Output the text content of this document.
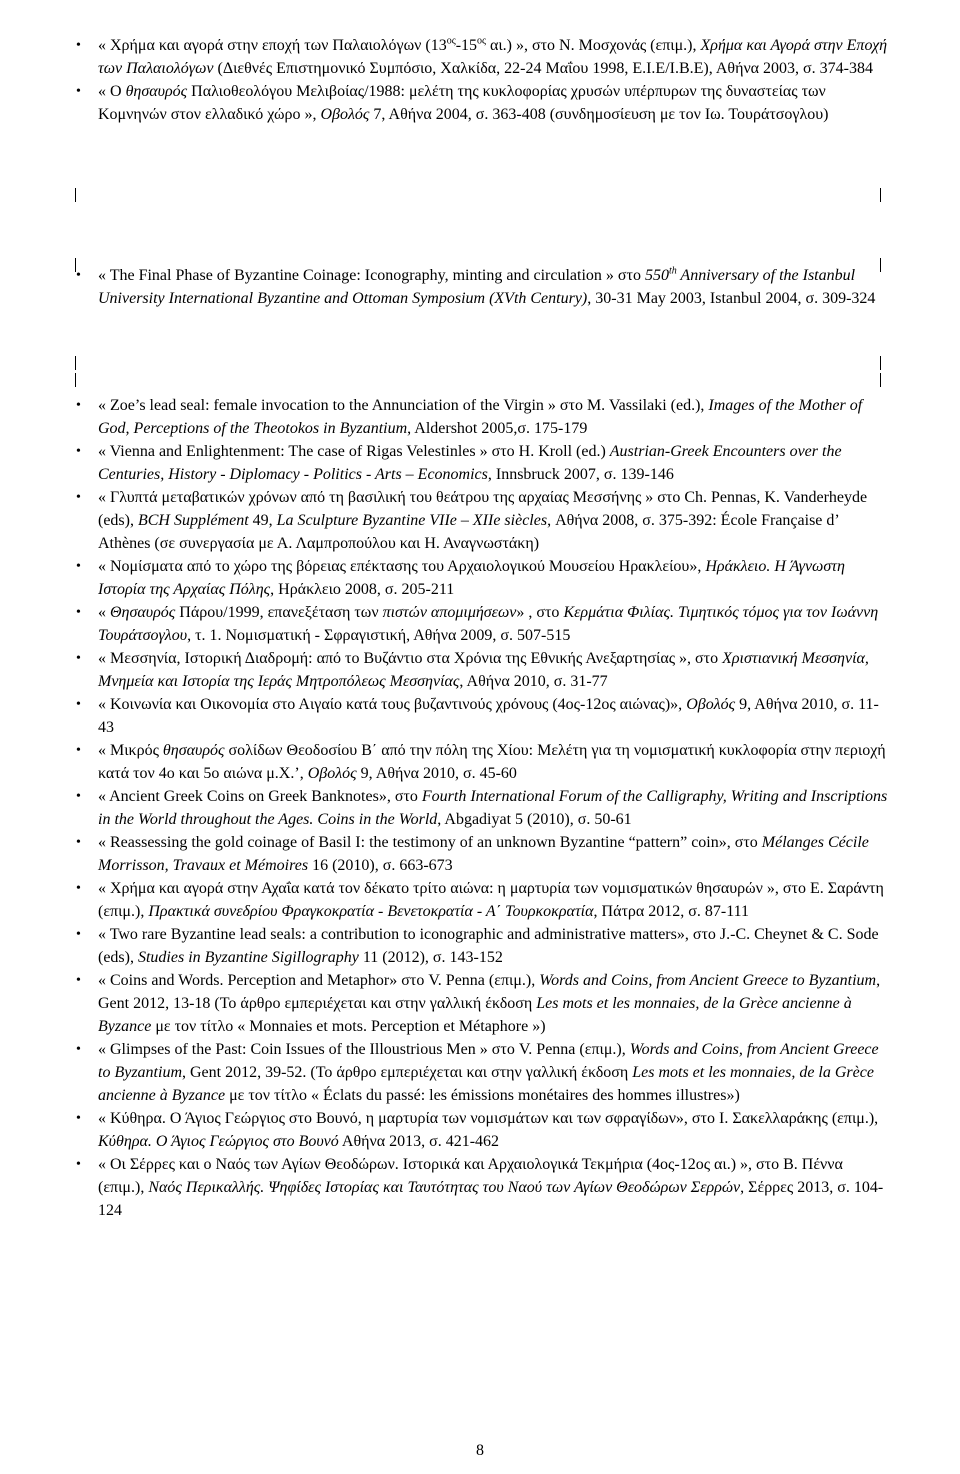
• « Χρήμα και αγορά στην εποχή των Παλαιολόγων ($13^{o\varsigma}-15^{o\varsigma}$ αι.) », στο Ν. Μοσχονάς (επιμ.), Χρήμα και Αγορά στην Εποχή των Παλαιολόγων (Διεθνές Επιστημονικό Συμπόσιο, Χαλκίδα, 22-24 Μαΐου 1998, Ε.Ι.Ε/Ι.Β.Ε), Αθήνα 2003, σ. 374-384
• « Ο θησαυρός Παλιοθεολόγου Μελιβοίας/1988: μελέτη της κυκλοφορίας χρυσών υπέρπυρων της δυναστείας των Κομνηνών στον ελλαδικό χώρο », Οβολός 7, Αθήνα 2004, σ. 363-408 (συνδημοσίευση με τον Ιω. Τουράτσογλου)
• « The Final Phase of Byzantine Coinage: Iconography, minting and circulation » στο 550th Anniversary of the Istanbul University International Byzantine and Ottoman Symposium (XVth Century), 30-31 May 2003, Istanbul 2004, σ. 309-324
• « Zoe’s lead seal: female invocation to the Annunciation of the Virgin » στο M. Vassilaki (ed.), Images of the Mother of God, Perceptions of the Theotokos in Byzantium, Aldershot 2005,σ. 175-179
• « Vienna and Enlightenment: The case of Rigas Velestinles » στο H. Kroll (ed.) Austrian-Greek Encounters over the Centuries, History - Diplomacy - Politics - Arts – Economics, Innsbruck 2007, σ. 139-146
• « Γλυπτά μεταβατικών χρόνων από τη βασιλική του θεάτρου της αρχαίας Μεσσήνης » στο Ch. Pennas, K. Vanderheyde (eds), BCH Supplément 49, La Sculpture Byzantine VIIe – XIIe siècles, Αθήνα 2008, σ. 375-392: École Française d’ Athènes (σε συνεργασία με Α. Λαμπροπούλου και Η. Αναγνωστάκη)
• « Νομίσματα από το χώρο της βόρειας επέκτασης του Αρχαιολογικού Μουσείου Ηρακλείου», Ηράκλειο. Η Άγνωστη Ιστορία της Αρχαίας Πόλης, Ηράκλειο 2008, σ. 205-211
• « Θησαυρός Πάρου/1999, επανεξέταση των πιστών απομιμήσεων» , στο Κερμάτια Φιλίας. Τιμητικός τόμος για τον Ιωάννη Τουράτσογλου, τ. 1. Νομισματική - Σφραγιστική, Αθήνα 2009, σ. 507-515
• « Μεσσηνία, Ιστορική Διαδρομή: από το Βυζάντιο στα Χρόνια της Εθνικής Ανεξαρτησίας », στο Χριστιανική Μεσσηνία, Μνημεία και Ιστορία της Ιεράς Μητροπόλεως Μεσσηνίας, Αθήνα 2010, σ. 31-77
• « Κοινωνία και Οικονομία στο Αιγαίο κατά τους βυζαντινούς χρόνους (4ος-12ος αιώνας)», Οβολός 9, Αθήνα 2010, σ. 11-43
• « Μικρός θησαυρός σολίδων Θεοδοσίου Β΄ από την πόλη της Χίου: Μελέτη για τη νομισματική κυκλοφορία στην περιοχή κατά τον 4ο και 5ο αιώνα μ.Χ.’, Οβολός 9, Αθήνα 2010, σ. 45-60
• « Ancient Greek Coins on Greek Banknotes», στο Fourth International Forum of the Calligraphy, Writing and Inscriptions in the World throughout the Ages. Coins in the World, Abgadiyat 5 (2010), σ. 50-61
• « Reassessing the gold coinage of Basil I: the testimony of an unknown Byzantine “pattern” coin», στο Mélanges Cécile Morrisson, Travaux et Mémoires 16 (2010), σ. 663-673
• « Χρήμα και αγορά στην Αχαΐα κατά τον δέκατο τρίτο αιώνα: η μαρτυρία των νομισματικών θησαυρών », στο Ε. Σαράντη (επιμ.), Πρακτικά συνεδρίου Φραγκοκρατία - Βενετοκρατία - Α΄ Τουρκοκρατία, Πάτρα 2012, σ. 87-111
• « Two rare Byzantine lead seals: a contribution to iconographic and administrative matters», στο J.-C. Cheynet & C. Sode (eds), Studies in Byzantine Sigillography 11 (2012), σ. 143-152
• « Coins and Words. Perception and Metaphor» στο V. Penna (επιμ.), Words and Coins, from Ancient Greece to Byzantium, Gent 2012, 13-18 (Το άρθρο εμπεριέχεται και στην γαλλική έκδοση Les mots et les monnaies, de la Grèce ancienne à Byzance με τον τίτλο « Monnaies et mots. Perception et Métaphore »)
• « Glimpses of the Past: Coin Issues of the Illoustrious Men » στο V. Penna (επιμ.), Words and Coins, from Ancient Greece to Byzantium, Gent 2012, 39-52. (Το άρθρο εμπεριέχεται και στην γαλλική έκδοση Les mots et les monnaies, de la Grèce ancienne à Byzance με τον τίτλο « Éclats du passé: les émissions monétaires des hommes illustres»)
• « Κύθηρα. Ο Άγιος Γεώργιος στο Βουνό, η μαρτυρία των νομισμάτων και των σφραγίδων», στο Ι. Σακελλαράκης (επιμ.), Κύθηρα. Ο Άγιος Γεώργιος στο Βουνό Αθήνα 2013, σ. 421-462
• « Οι Σέρρες και ο Ναός των Αγίων Θεοδώρων. Ιστορικά και Αρχαιολογικά Τεκμήρια (4ος-12ος αι.) », στο Β. Πέννα (επιμ.), Ναός Περικαλλής. Ψηφίδες Ιστορίας και Ταυτότητας του Ναού των Αγίων Θεοδώρων Σερρών, Σέρρες 2013, σ. 104-124
8
